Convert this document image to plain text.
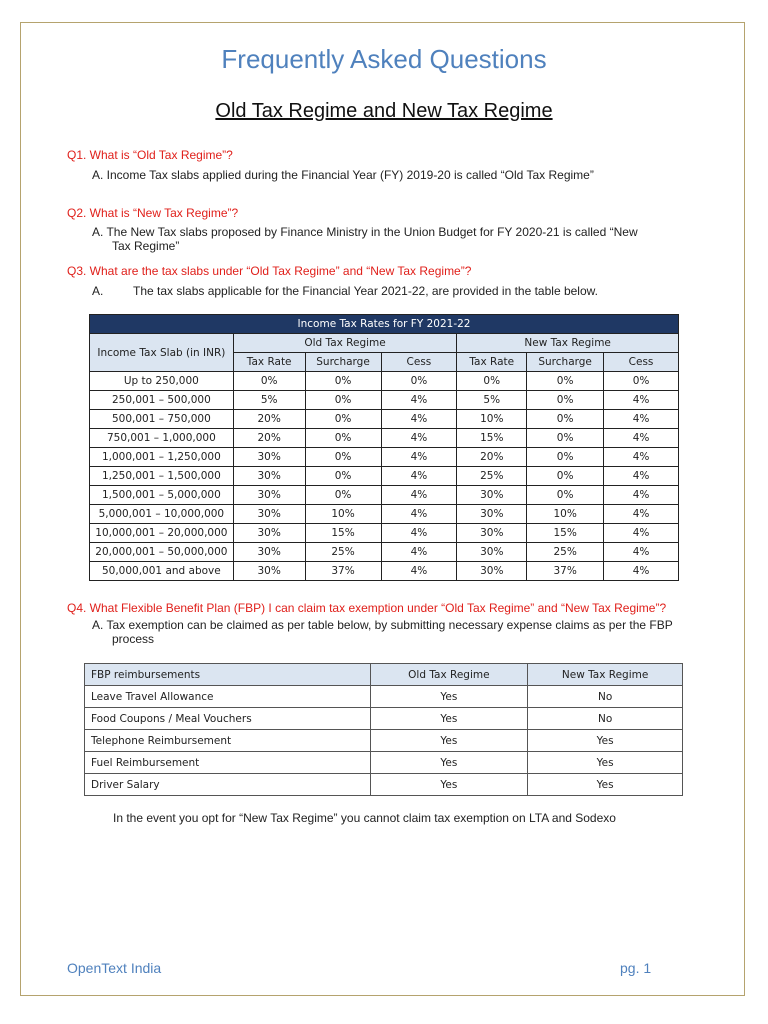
Frequently Asked Questions
Old Tax Regime and New Tax Regime
Q1. What is “Old Tax Regime”?
A. Income Tax slabs applied during the Financial Year (FY) 2019-20 is called “Old Tax Regime”
Q2. What is “New Tax Regime”?
A. The New Tax slabs proposed by Finance Ministry in the Union Budget for FY 2020-21 is called “New
Tax Regime”
Q3. What are the tax slabs under “Old Tax Regime” and “New Tax Regime”?
A. The tax slabs applicable for the Financial Year 2021-22, are provided in the table below.
Income Tax Rates for FY 2021-22						
Income Tax Slab (in INR)	Old Tax Regime			New Tax Regime		
	Tax Rate	Surcharge	Cess	Tax Rate	Surcharge	Cess
Up to 250,000	0%	0%	0%	0%	0%	0%
250,001 – 500,000	5%	0%	4%	5%	0%	4%
500,001 – 750,000	20%	0%	4%	10%	0%	4%
750,001 – 1,000,000	20%	0%	4%	15%	0%	4%
1,000,001 – 1,250,000	30%	0%	4%	20%	0%	4%
1,250,001 – 1,500,000	30%	0%	4%	25%	0%	4%
1,500,001 – 5,000,000	30%	0%	4%	30%	0%	4%
5,000,001 – 10,000,000	30%	10%	4%	30%	10%	4%
10,000,001 – 20,000,000	30%	15%	4%	30%	15%	4%
20,000,001 – 50,000,000	30%	25%	4%	30%	25%	4%
50,000,001 and above	30%	37%	4%	30%	37%	4%
Q4. What Flexible Benefit Plan (FBP) I can claim tax exemption under “Old Tax Regime” and “New Tax Regime”?
A. Tax exemption can be claimed as per table below, by submitting necessary expense claims as per the FBP
process
FBP reimbursements	Old Tax Regime	New Tax Regime
Leave Travel Allowance	Yes	No
Food Coupons / Meal Vouchers	Yes	No
Telephone Reimbursement	Yes	Yes
Fuel Reimbursement	Yes	Yes
Driver Salary	Yes	Yes
In the event you opt for “New Tax Regime” you cannot claim tax exemption on LTA and Sodexo
OpenText India	pg. 1
